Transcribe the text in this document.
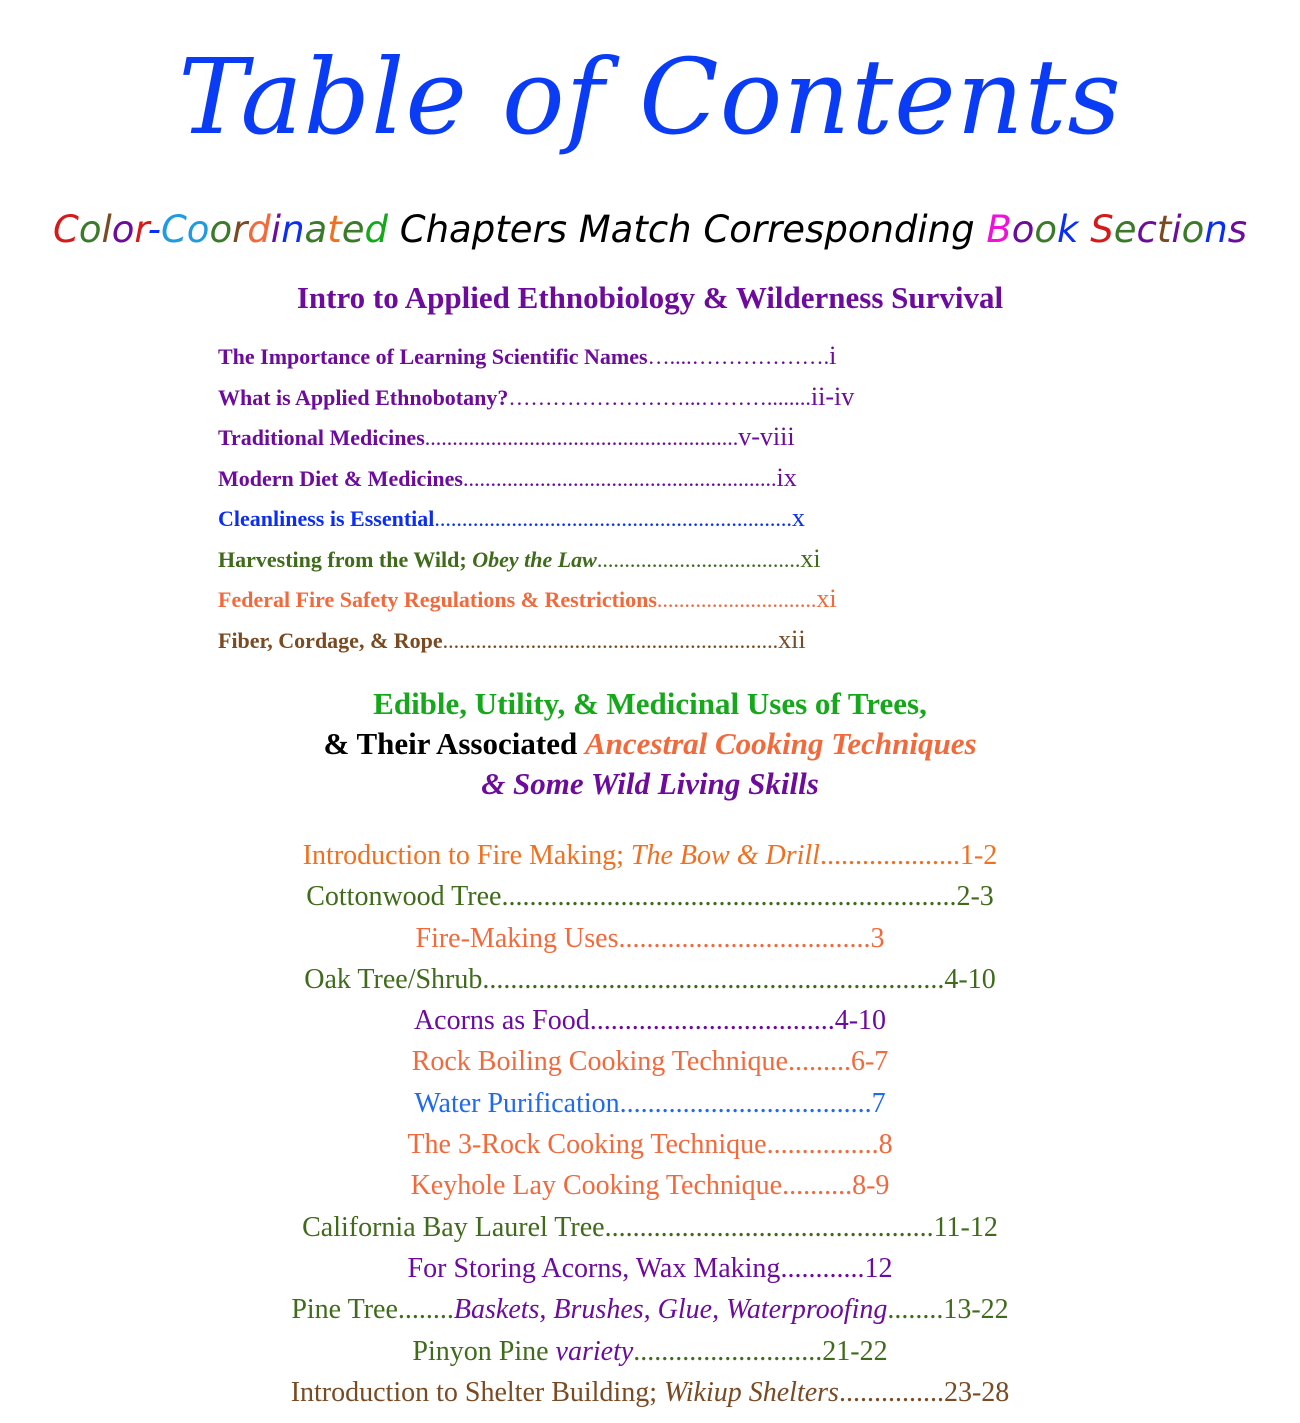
Table of Contents
Color-Coordinated Chapters Match Corresponding Book Sections
Intro to Applied Ethnobiology & Wilderness Survival
The Importance of Learning Scientific Names…....……………….i
What is Applied Ethnobotany?……………………...………........ii-iv
Traditional Medicines.........................................................v-viii
Modern Diet & Medicines.........................................................ix
Cleanliness is Essential.................................................................x
Harvesting from the Wild; Obey the Law.....................................xi
Federal Fire Safety Regulations & Restrictions.............................xi
Fiber, Cordage, & Rope.............................................................xii
Edible, Utility, & Medicinal Uses of Trees,
& Their Associated Ancestral Cooking Techniques
& Some Wild Living Skills
Introduction to Fire Making; The Bow & Drill....................1-2
Cottonwood Tree.................................................................2-3
Fire-Making Uses....................................3
Oak Tree/Shrub..................................................................4-10
Acorns as Food...................................4-10
Rock Boiling Cooking Technique.........6-7
Water Purification....................................7
The 3-Rock Cooking Technique................8
Keyhole Lay Cooking Technique..........8-9
California Bay Laurel Tree...............................................11-12
For Storing Acorns, Wax Making............12
Pine Tree........Baskets, Brushes, Glue, Waterproofing........13-22
Pinyon Pine variety...........................21-22
Introduction to Shelter Building; Wikiup Shelters...............23-28
